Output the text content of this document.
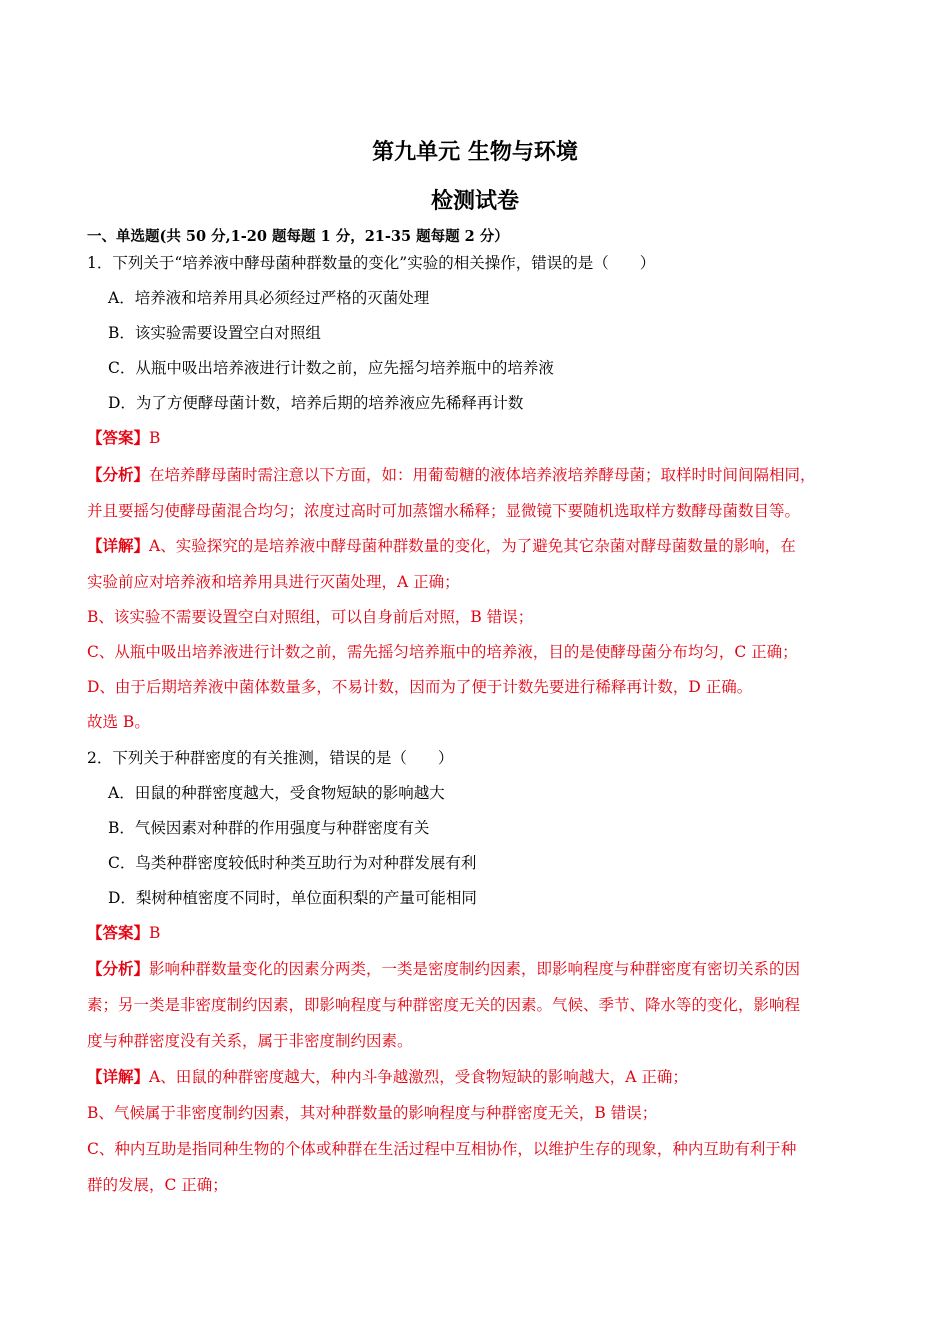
第九单元 生物与环境
检测试卷
一、单选题(共 50 分,1-20 题每题 1 分，21-35 题每题 2 分）
1．下列关于“培养液中酵母菌种群数量的变化”实验的相关操作，错误的是（　　）
A．培养液和培养用具必须经过严格的灭菌处理
B．该实验需要设置空白对照组
C．从瓶中吸出培养液进行计数之前，应先摇匀培养瓶中的培养液
D．为了方便酵母菌计数，培养后期的培养液应先稀释再计数
【答案】B
【分析】在培养酵母菌时需注意以下方面，如：用葡萄糖的液体培养液培养酵母菌；取样时时间间隔相同，
并且要摇匀使酵母菌混合均匀；浓度过高时可加蒸馏水稀释；显微镜下要随机选取样方数酵母菌数目等。
【详解】A、实验探究的是培养液中酵母菌种群数量的变化，为了避免其它杂菌对酵母菌数量的影响，在
实验前应对培养液和培养用具进行灭菌处理，A 正确；
B、该实验不需要设置空白对照组，可以自身前后对照，B 错误；
C、从瓶中吸出培养液进行计数之前，需先摇匀培养瓶中的培养液，目的是使酵母菌分布均匀，C 正确；
D、由于后期培养液中菌体数量多，不易计数，因而为了便于计数先要进行稀释再计数，D 正确。
故选 B。
2．下列关于种群密度的有关推测，错误的是（　　）
A．田鼠的种群密度越大，受食物短缺的影响越大
B．气候因素对种群的作用强度与种群密度有关
C．鸟类种群密度较低时种类互助行为对种群发展有利
D．梨树种植密度不同时，单位面积梨的产量可能相同
【答案】B
【分析】影响种群数量变化的因素分两类，一类是密度制约因素，即影响程度与种群密度有密切关系的因
素；另一类是非密度制约因素，即影响程度与种群密度无关的因素。气候、季节、降水等的变化，影响程
度与种群密度没有关系，属于非密度制约因素。
【详解】A、田鼠的种群密度越大，种内斗争越激烈，受食物短缺的影响越大，A 正确；
B、气候属于非密度制约因素，其对种群数量的影响程度与种群密度无关，B 错误；
C、种内互助是指同种生物的个体或种群在生活过程中互相协作，以维护生存的现象，种内互助有利于种
群的发展，C 正确；
